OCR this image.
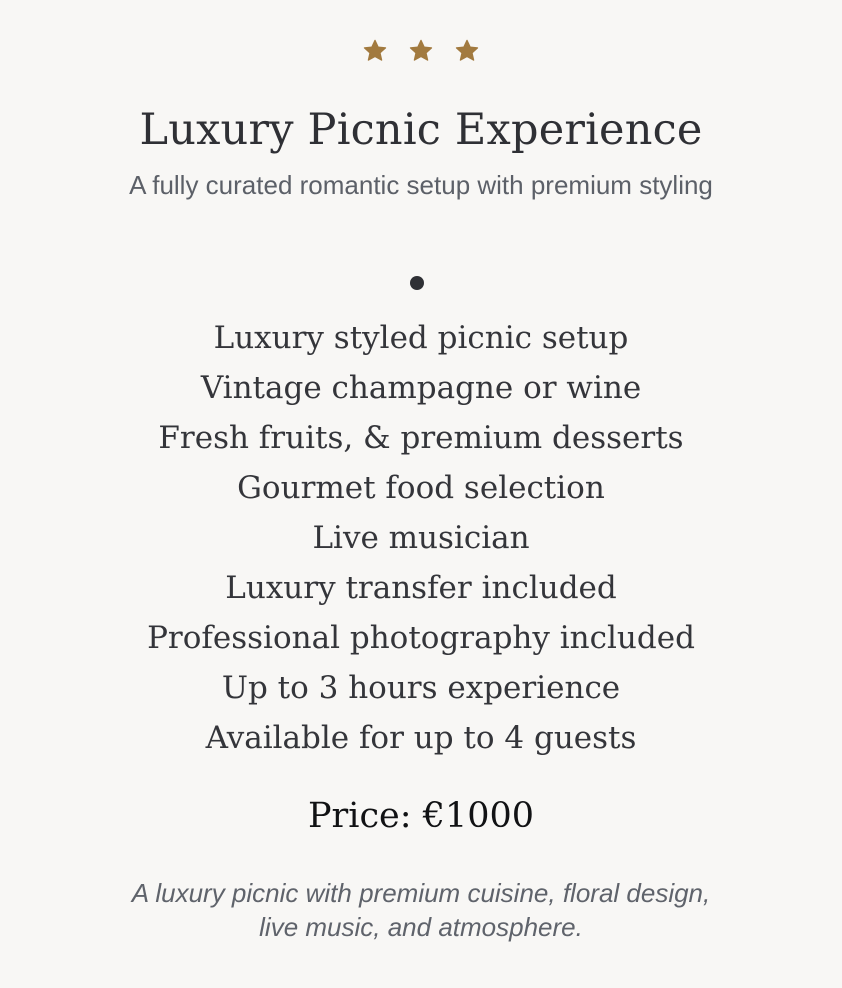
Luxury Picnic Experience
A fully curated romantic setup with premium styling
Luxury styled picnic setup
Vintage champagne or wine
Fresh fruits, & premium desserts
Gourmet food selection
Live musician
Luxury transfer included
Professional photography included
Up to 3 hours experience
Available for up to 4 guests
Price: €1000
A luxury picnic with premium cuisine, floral design, live music, and atmosphere.
